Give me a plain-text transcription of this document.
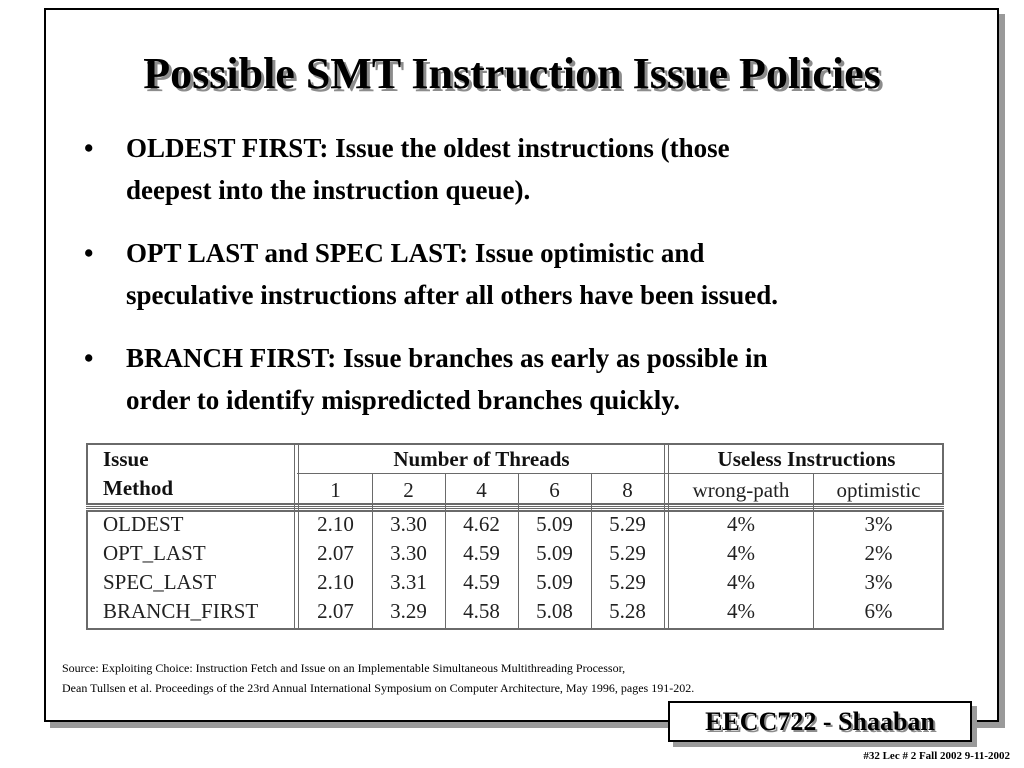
Possible SMT Instruction Issue Policies
• OLDEST FIRST: Issue the oldest instructions (those
deepest into the instruction queue).
• OPT LAST and SPEC LAST: Issue optimistic and
speculative instructions after all others have been issued.
• BRANCH FIRST: Issue branches as early as possible in
order to identify mispredicted branches quickly.
Issue
Method
Number of Threads	Useless Instructions
1	2	4	6	8	wrong-path	optimistic
OLDEST	2.10	3.30	4.62	5.09	5.29	4%	3%
OPT_LAST	2.07	3.30	4.59	5.09	5.29	4%	2%
SPEC_LAST	2.10	3.31	4.59	5.09	5.29	4%	3%
BRANCH_FIRST	2.07	3.29	4.58	5.08	5.28	4%	6%
Source: Exploiting Choice: Instruction Fetch and Issue on an Implementable Simultaneous Multithreading Processor,
Dean Tullsen et al. Proceedings of the 23rd Annual International Symposium on Computer Architecture, May 1996, pages 191-202.
EECC722 - Shaaban
#32 Lec # 2 Fall 2002 9-11-2002
